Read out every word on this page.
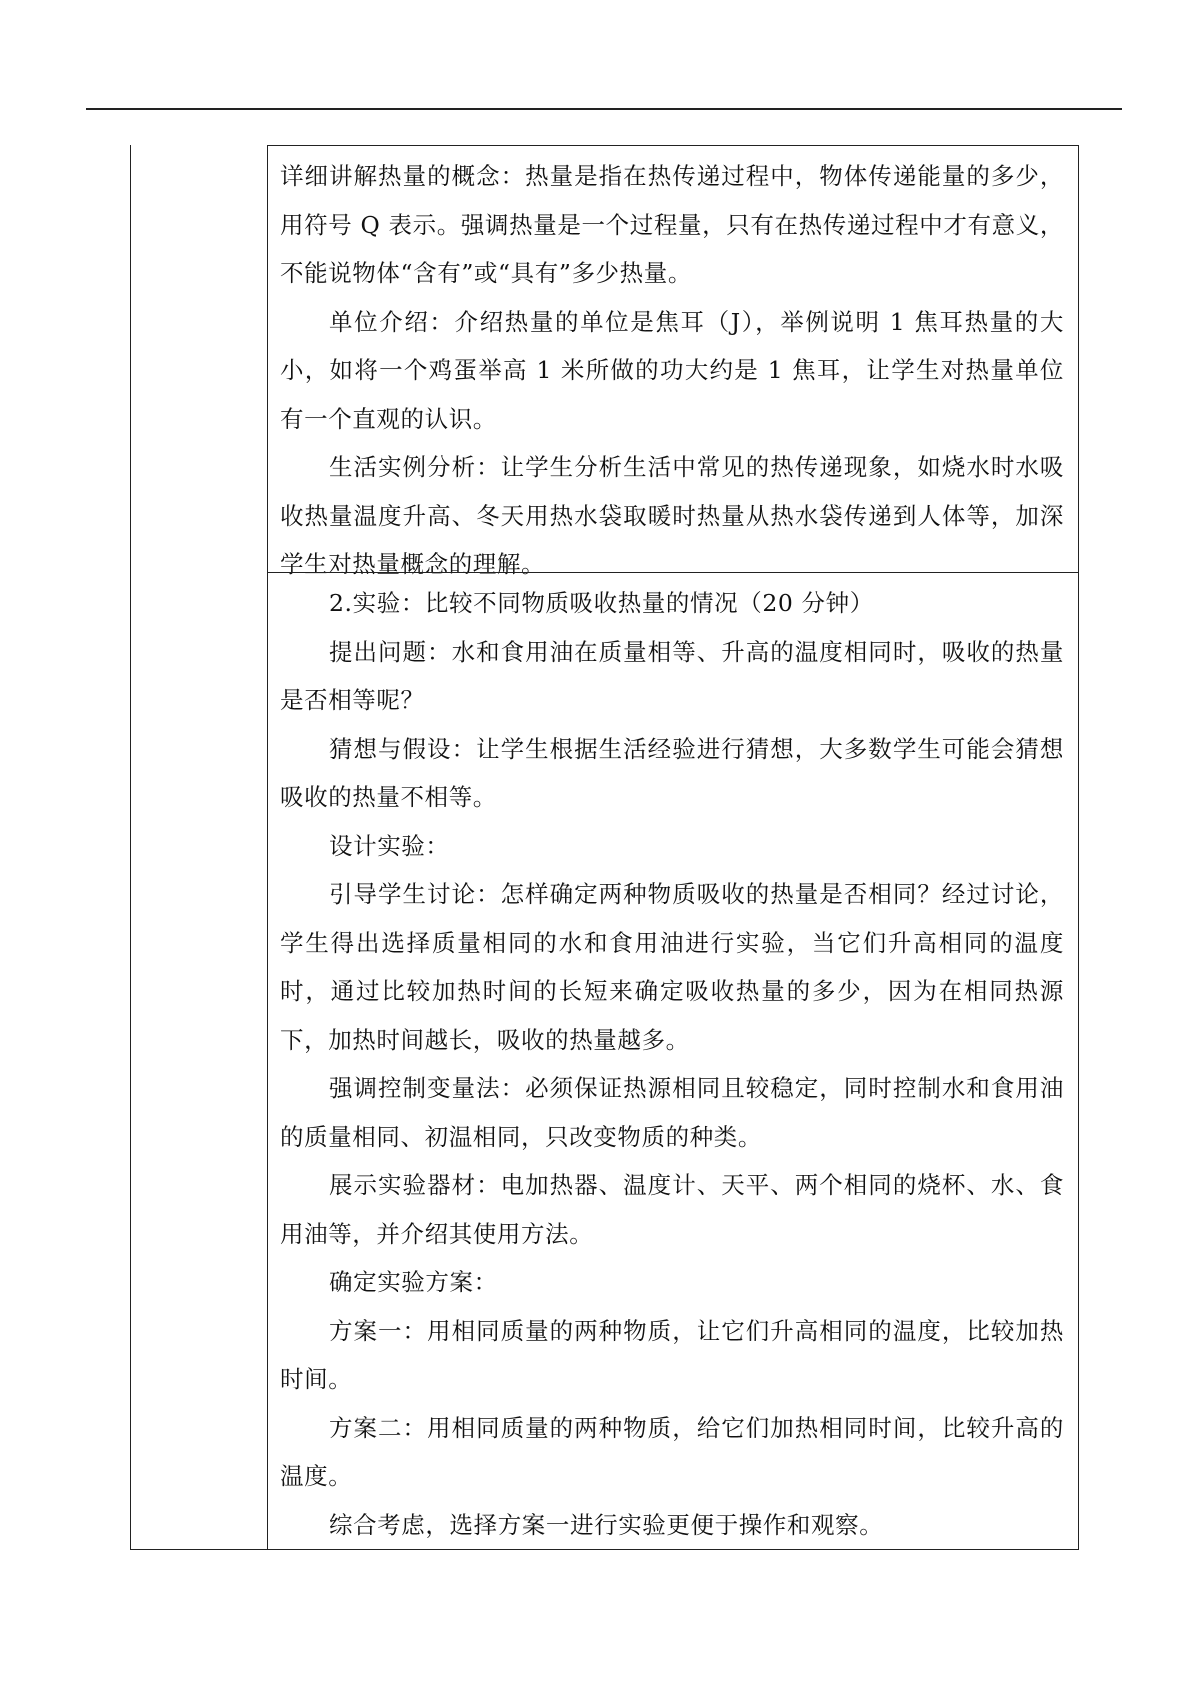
详细讲解热量的概念：热量是指在热传递过程中，物体传递能量的多少，用符号 Q 表示。强调热量是一个过程量，只有在热传递过程中才有意义，不能说物体“含有”或“具有”多少热量。

单位介绍：介绍热量的单位是焦耳（J），举例说明 1 焦耳热量的大小，如将一个鸡蛋举高 1 米所做的功大约是 1 焦耳，让学生对热量单位有一个直观的认识。

生活实例分析：让学生分析生活中常见的热传递现象，如烧水时水吸收热量温度升高、冬天用热水袋取暖时热量从热水袋传递到人体等，加深学生对热量概念的理解。

2.实验：比较不同物质吸收热量的情况（20 分钟）

提出问题：水和食用油在质量相等、升高的温度相同时，吸收的热量是否相等呢？

猜想与假设：让学生根据生活经验进行猜想，大多数学生可能会猜想吸收的热量不相等。

设计实验：

引导学生讨论：怎样确定两种物质吸收的热量是否相同？经过讨论，学生得出选择质量相同的水和食用油进行实验，当它们升高相同的温度时，通过比较加热时间的长短来确定吸收热量的多少，因为在相同热源下，加热时间越长，吸收的热量越多。

强调控制变量法：必须保证热源相同且较稳定，同时控制水和食用油的质量相同、初温相同，只改变物质的种类。

展示实验器材：电加热器、温度计、天平、两个相同的烧杯、水、食用油等，并介绍其使用方法。

确定实验方案：

方案一：用相同质量的两种物质，让它们升高相同的温度，比较加热时间。

方案二：用相同质量的两种物质，给它们加热相同时间，比较升高的温度。

综合考虑，选择方案一进行实验更便于操作和观察。
